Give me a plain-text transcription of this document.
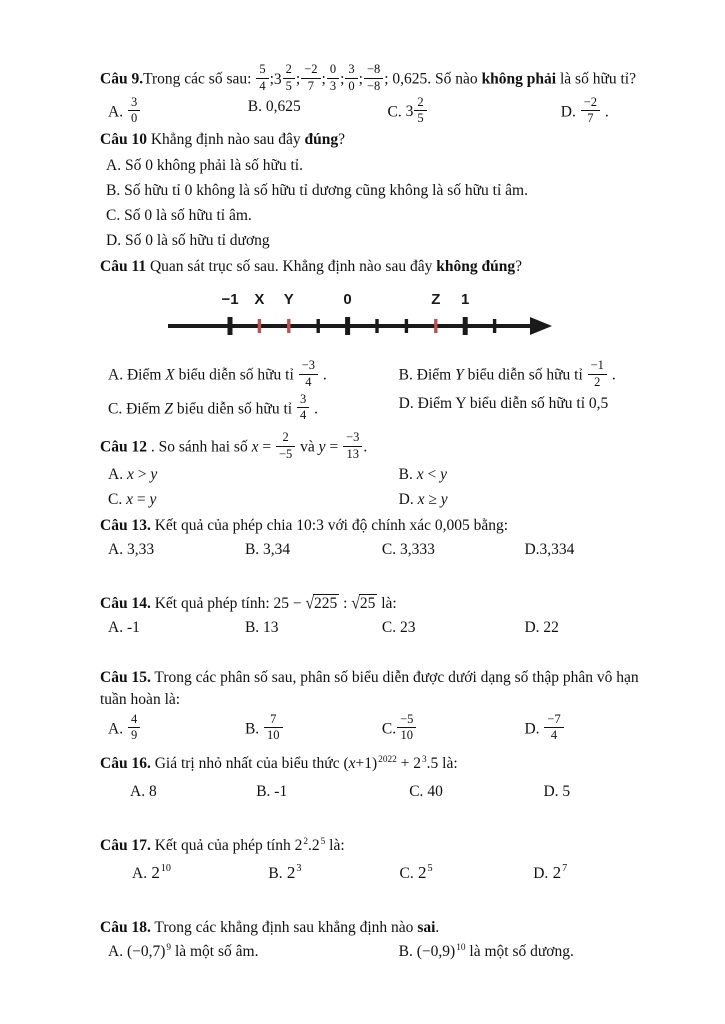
Câu 9.Trong các số sau: $\frac{5}{4}$ ;3 $\frac{2}{5}$ ; $\frac{-2}{7}$ ; $\frac{0}{3}$ ; $\frac{3}{0}$ ; $\frac{-8}{-8}$ ; 0,625. Số nào không phải là số hữu tỉ?

A. $\frac{3}{0}$	B. 0,625	C. $3 \frac{2}{5}$	D. $\frac{-2}{7}$ .

Câu 10 Khẳng định nào sau đây đúng?

A. Số 0 không phải là số hữu tỉ.
B. Số hữu tỉ 0 không là số hữu tỉ dương cũng không là số hữu tỉ âm.
C. Số 0 là số hữu tỉ âm.
D. Số 0 là số hữu tỉ dương

Câu 11 Quan sát trục số sau. Khẳng định nào sau đây không đúng?

−1 X Y	0	Z 1
A. Điểm X biểu diễn số hữu tỉ $\frac{-3}{4}$ .	B. Điểm Y biểu diễn số hữu tỉ $\frac{-1}{2}$ .
C. Điểm Z biểu diễn số hữu tỉ $\frac{3}{4}$ .	D. Điểm Y biểu diễn số hữu tỉ 0,5

Câu 12 . So sánh hai số $x = \frac{2}{-5}$ và $y = \frac{-3}{13}$ .

A. x > y	B. x < y
C. x = y	D. x ≥ y

Câu 13. Kết quả của phép chia 10:3 với độ chính xác 0,005 bằng:

A. 3,33	B. 3,34	C. 3,333	D.3,334

Câu 14. Kết quả phép tính: 25 − √225 : √25 là:

A. -1	B. 13	C. 23	D. 22

Câu 15. Trong các phân số sau, phân số biểu diễn được dưới dạng số thập phân vô hạn tuần hoàn là:

A. $\frac{4}{9}$	B. $\frac{7}{10}$	C. $\frac{-5}{10}$	D. $\frac{-7}{4}$

Câu 16. Giá trị nhỏ nhất của biểu thức $(x+1)^{2022} + 2^3.5$ là:

A. 8	B. -1	C. 40	D. 5

Câu 17. Kết quả của phép tính $2^2.2^5$ là:

A. $2^{10}$	B. $2^3$	C. $2^5$	D. $2^7$

Câu 18. Trong các khẳng định sau khẳng định nào sai.

A. $(-0,7)^9$ là một số âm.	B. $(-0,9)^{10}$ là một số dương.
